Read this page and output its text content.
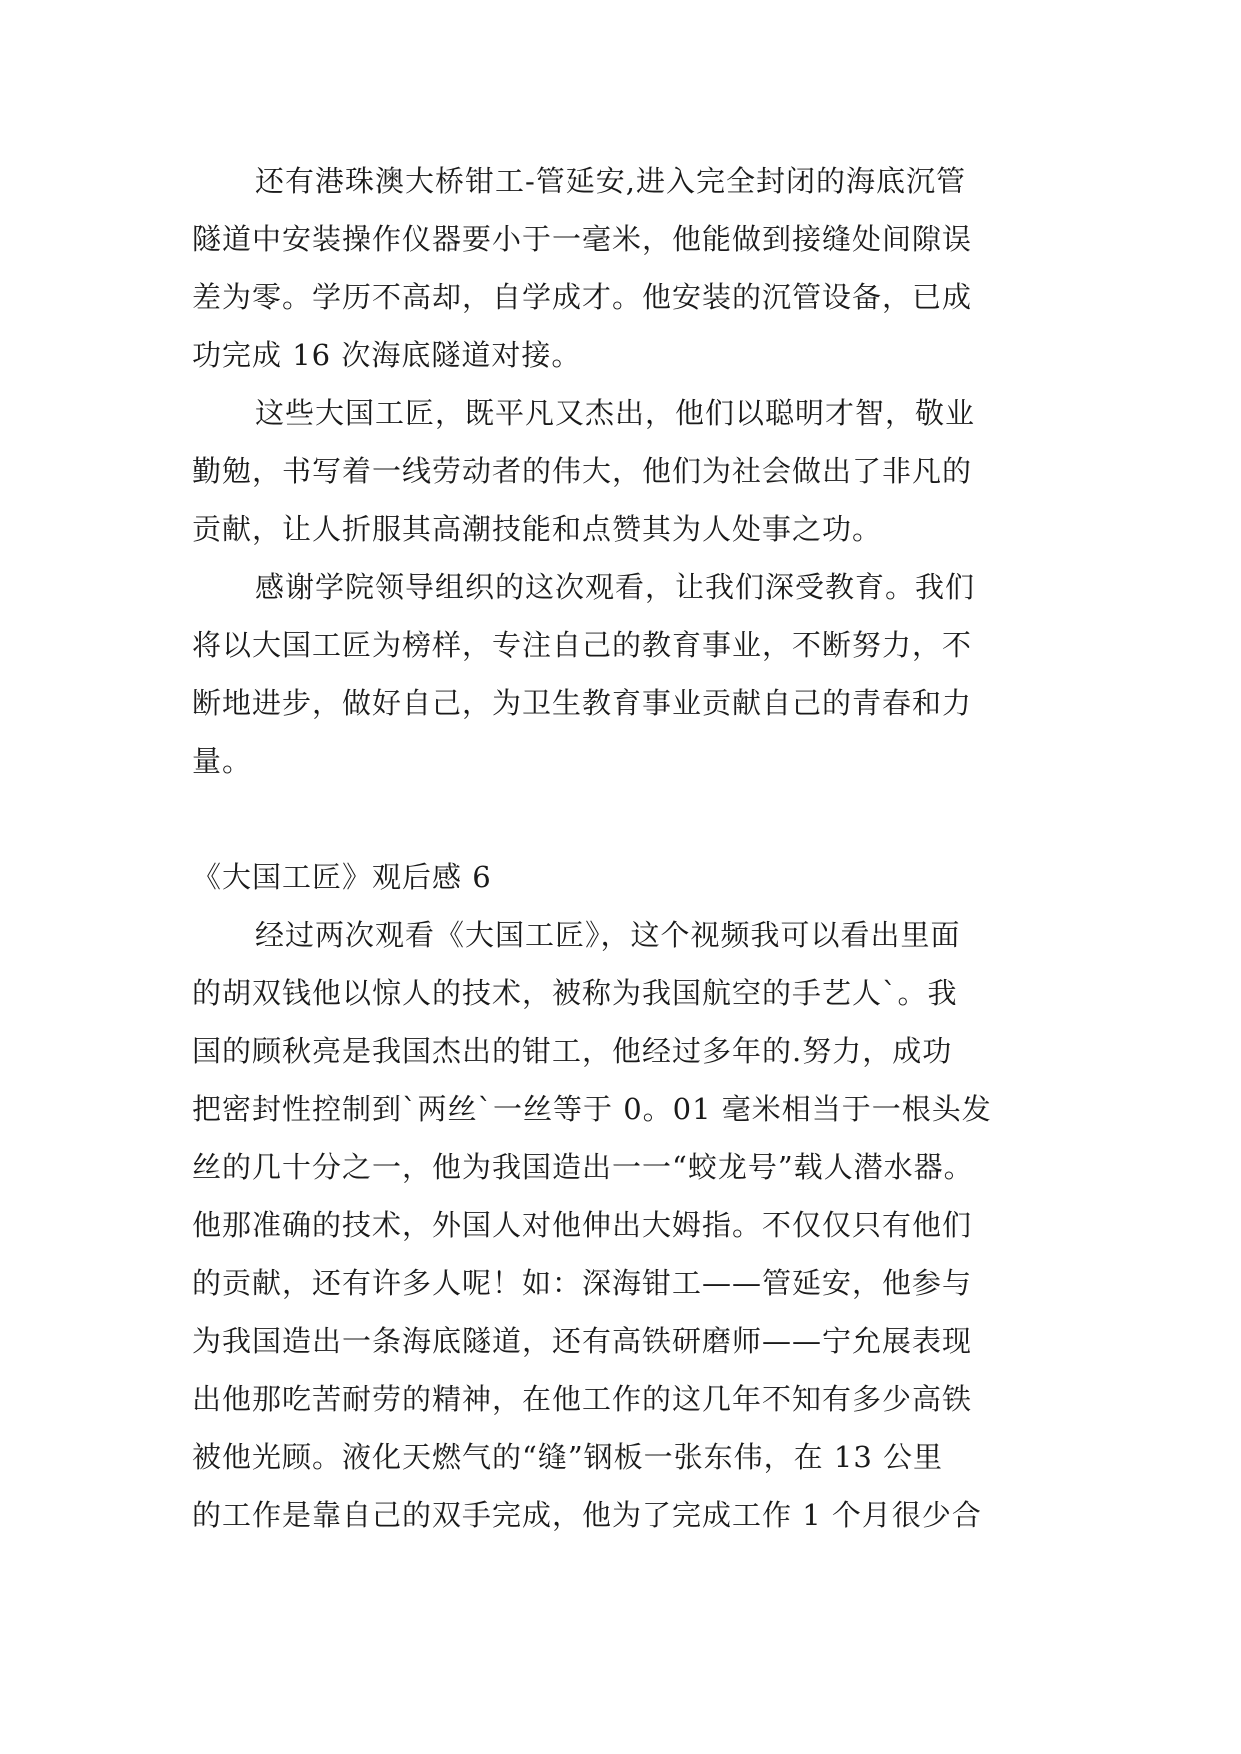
还有港珠澳大桥钳工-管延安,进入完全封闭的海底沉管
隧道中安装操作仪器要小于一毫米，他能做到接缝处间隙误
差为零。学历不高却，自学成才。他安装的沉管设备，已成
功完成 16 次海底隧道对接。
这些大国工匠，既平凡又杰出，他们以聪明才智，敬业
勤勉，书写着一线劳动者的伟大，他们为社会做出了非凡的
贡献，让人折服其高潮技能和点赞其为人处事之功。
感谢学院领导组织的这次观看，让我们深受教育。我们
将以大国工匠为榜样，专注自己的教育事业，不断努力，不
断地进步，做好自己，为卫生教育事业贡献自己的青春和力
量。
《大国工匠》观后感 6
经过两次观看《大国工匠》，这个视频我可以看出里面
的胡双钱他以惊人的技术，被称为我国航空的手艺人`。我
国的顾秋亮是我国杰出的钳工，他经过多年的.努力，成功
把密封性控制到`两丝`一丝等于 0。01 毫米相当于一根头发
丝的几十分之一，他为我国造出一一“蛟龙号”载人潜水器。
他那准确的技术，外国人对他伸出大姆指。不仅仅只有他们
的贡献，还有许多人呢！如：深海钳工——管延安，他参与
为我国造出一条海底隧道，还有高铁研磨师——宁允展表现
出他那吃苦耐劳的精神，在他工作的这几年不知有多少高铁
被他光顾。液化天燃气的“缝”钢板一张东伟，在 13 公里
的工作是靠自己的双手完成，他为了完成工作 1 个月很少合
